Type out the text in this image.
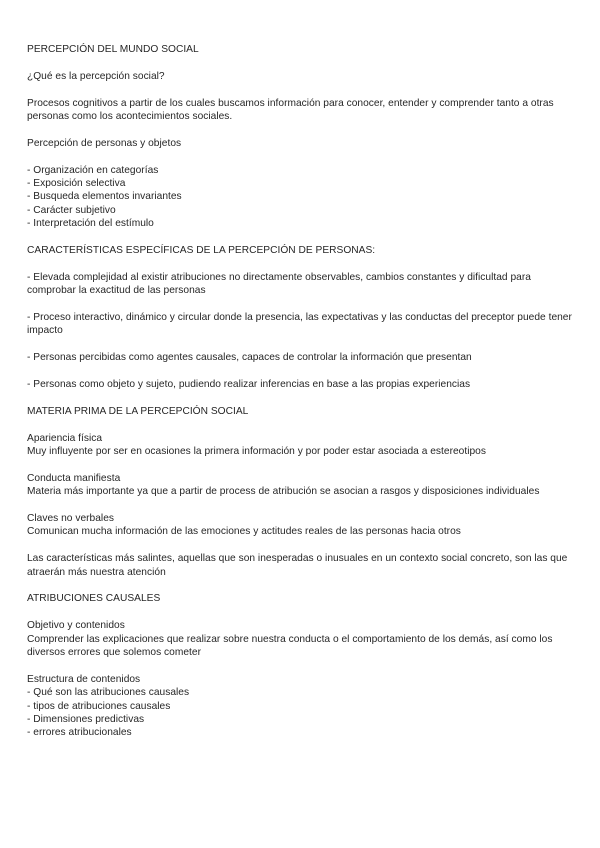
PERCEPCIÓN DEL MUNDO SOCIAL
¿Qué es la percepción social?
Procesos cognitivos a partir de los cuales buscamos información para conocer, entender y comprender tanto a otras
personas como los acontecimientos sociales.
Percepción de personas y objetos
- Organización en categorías
- Exposición selectiva
- Busqueda elementos invariantes
- Carácter subjetivo
- Interpretación del estímulo
CARACTERÍSTICAS ESPECÍFICAS DE LA PERCEPCIÓN DE PERSONAS:
- Elevada complejidad al existir atribuciones no directamente observables, cambios constantes y dificultad para
comprobar la exactitud de las personas
- Proceso interactivo, dinámico y circular donde la presencia, las expectativas y las conductas del preceptor puede tener
impacto
- Personas percibidas como agentes causales, capaces de controlar la información que presentan
- Personas como objeto y sujeto, pudiendo realizar inferencias en base a las propias experiencias
MATERIA PRIMA DE LA PERCEPCIÓN SOCIAL
Apariencia física
Muy influyente por ser en ocasiones la primera información y por poder estar asociada a estereotipos
Conducta manifiesta
Materia más importante ya que a partir de process de atribución se asocian a rasgos y disposiciones individuales
Claves no verbales
Comunican mucha información de las emociones y actitudes reales de las personas hacia otros
Las características más salintes, aquellas que son inesperadas o inusuales en un contexto social concreto, son las que
atraerán más nuestra atención
ATRIBUCIONES CAUSALES
Objetivo y contenidos
Comprender las explicaciones que realizar sobre nuestra conducta o el comportamiento de los demás, así como los
diversos errores que solemos cometer
Estructura de contenidos
- Qué son las atribuciones causales
- tipos de atribuciones causales
- Dimensiones predictivas
- errores atribucionales
